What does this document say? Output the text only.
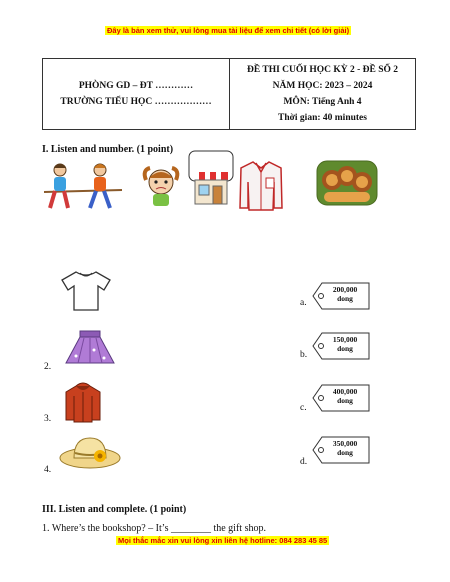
Đây là bản xem thử, vui lòng mua tài liệu để xem chi tiết (có lời giải)
PHÒNG GD – ĐT …………
TRƯỜNG TIỂU HỌC ………………

ĐỀ THI CUỐI HỌC KỲ 2 - ĐỀ SỐ 2
NĂM HỌC: 2023 – 2024
MÔN: Tiếng Anh 4
Thời gian: 40 minutes
I. Listen and number. (1 point)
a.
200,000
dong
2.
b.
150,000
dong
3.
c.
400,000
dong
4.
d.
350,000
dong
III. Listen and complete. (1 point)
1. Where’s the bookshop? – It’s ________ the gift shop.
Mọi thắc mắc xin vui lòng xin liên hệ hotline: 084 283 45 85
